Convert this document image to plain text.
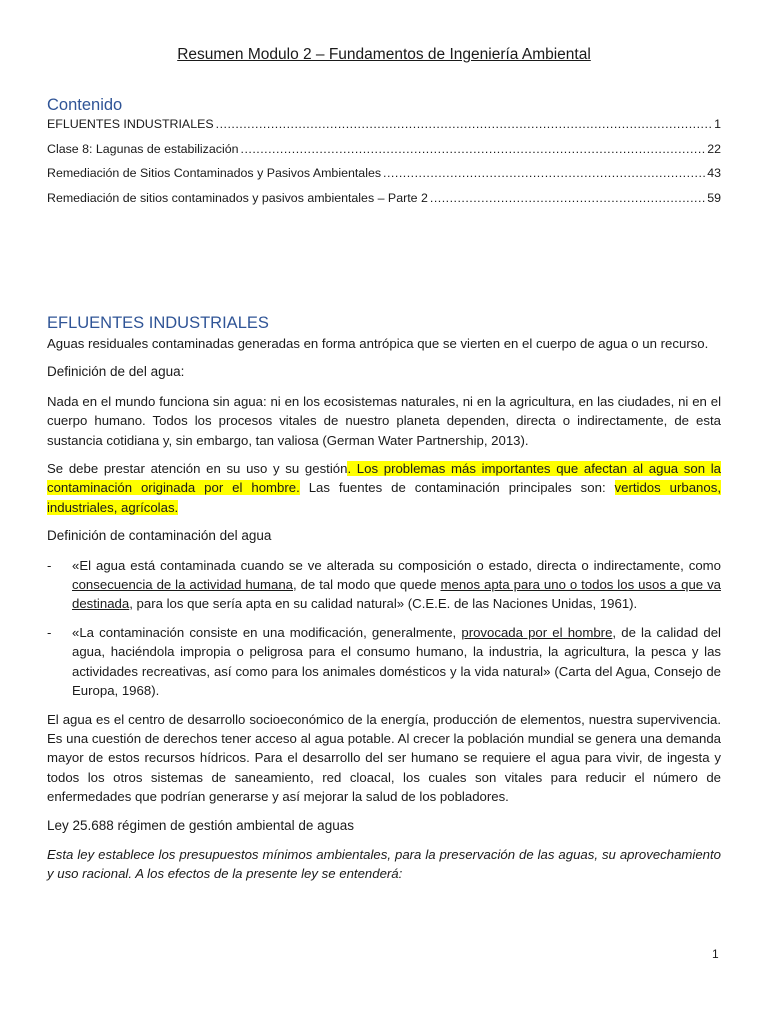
Resumen Modulo 2 – Fundamentos de Ingeniería Ambiental
Contenido
EFLUENTES INDUSTRIALES .....	1
Clase 8: Lagunas de estabilización .....	22
Remediación de Sitios Contaminados y Pasivos Ambientales .....	43
Remediación de sitios contaminados y pasivos ambientales – Parte 2 .....	59
EFLUENTES INDUSTRIALES

Aguas residuales contaminadas generadas en forma antrópica que se vierten en el cuerpo de agua o un recurso.

Definición de del agua:

Nada en el mundo funciona sin agua: ni en los ecosistemas naturales, ni en la agricultura, en las ciudades, ni en el cuerpo humano. Todos los procesos vitales de nuestro planeta dependen, directa o indirectamente, de esta sustancia cotidiana y, sin embargo, tan valiosa (German Water Partnership, 2013).

Se debe prestar atención en su uso y su gestión. Los problemas más importantes que afectan al agua son la contaminación originada por el hombre. Las fuentes de contaminación principales son: vertidos urbanos, industriales, agrícolas.

Definición de contaminación del agua

- «El agua está contaminada cuando se ve alterada su composición o estado, directa o indirectamente, como consecuencia de la actividad humana, de tal modo que quede menos apta para uno o todos los usos a que va destinada, para los que sería apta en su calidad natural» (C.E.E. de las Naciones Unidas, 1961).
- «La contaminación consiste en una modificación, generalmente, provocada por el hombre, de la calidad del agua, haciéndola impropia o peligrosa para el consumo humano, la industria, la agricultura, la pesca y las actividades recreativas, así como para los animales domésticos y la vida natural» (Carta del Agua, Consejo de Europa, 1968).

El agua es el centro de desarrollo socioeconómico de la energía, producción de elementos, nuestra supervivencia. Es una cuestión de derechos tener acceso al agua potable. Al crecer la población mundial se genera una demanda mayor de estos recursos hídricos. Para el desarrollo del ser humano se requiere el agua para vivir, de ingesta y todos los otros sistemas de saneamiento, red cloacal, los cuales son vitales para reducir el número de enfermedades que podrían generarse y así mejorar la salud de los pobladores.

Ley 25.688 régimen de gestión ambiental de aguas

Esta ley establece los presupuestos mínimos ambientales, para la preservación de las aguas, su aprovechamiento y uso racional. A los efectos de la presente ley se entenderá:

1
